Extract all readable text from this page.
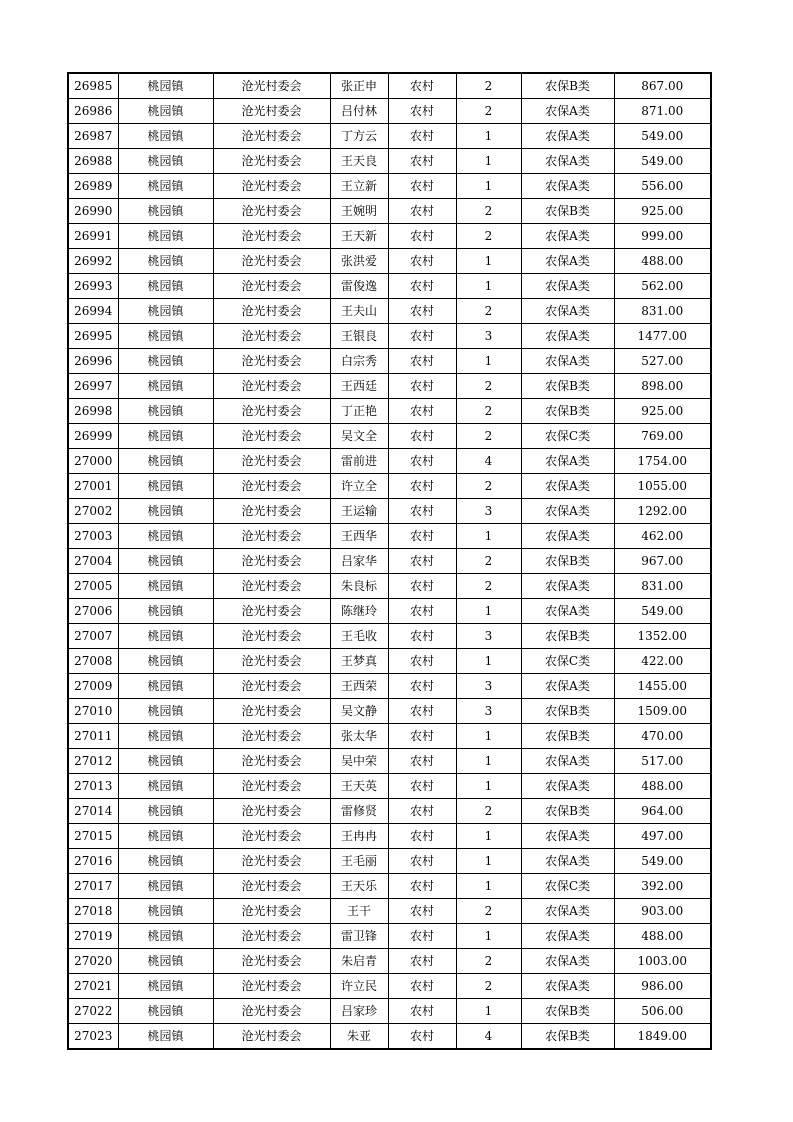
26985	桃园镇	沧光村委会	张正申	农村	2	农保B类	867.00
26986	桃园镇	沧光村委会	吕付林	农村	2	农保A类	871.00
26987	桃园镇	沧光村委会	丁方云	农村	1	农保A类	549.00
26988	桃园镇	沧光村委会	王天良	农村	1	农保A类	549.00
26989	桃园镇	沧光村委会	王立新	农村	1	农保A类	556.00
26990	桃园镇	沧光村委会	王婉明	农村	2	农保B类	925.00
26991	桃园镇	沧光村委会	王天新	农村	2	农保A类	999.00
26992	桃园镇	沧光村委会	张洪爱	农村	1	农保A类	488.00
26993	桃园镇	沧光村委会	雷俊逸	农村	1	农保A类	562.00
26994	桃园镇	沧光村委会	王夫山	农村	2	农保A类	831.00
26995	桃园镇	沧光村委会	王银良	农村	3	农保A类	1477.00
26996	桃园镇	沧光村委会	白宗秀	农村	1	农保A类	527.00
26997	桃园镇	沧光村委会	王西廷	农村	2	农保B类	898.00
26998	桃园镇	沧光村委会	丁正艳	农村	2	农保B类	925.00
26999	桃园镇	沧光村委会	吴文全	农村	2	农保C类	769.00
27000	桃园镇	沧光村委会	雷前进	农村	4	农保A类	1754.00
27001	桃园镇	沧光村委会	许立全	农村	2	农保A类	1055.00
27002	桃园镇	沧光村委会	王运输	农村	3	农保A类	1292.00
27003	桃园镇	沧光村委会	王西华	农村	1	农保A类	462.00
27004	桃园镇	沧光村委会	吕家华	农村	2	农保B类	967.00
27005	桃园镇	沧光村委会	朱良标	农村	2	农保A类	831.00
27006	桃园镇	沧光村委会	陈继玲	农村	1	农保A类	549.00
27007	桃园镇	沧光村委会	王毛收	农村	3	农保B类	1352.00
27008	桃园镇	沧光村委会	王梦真	农村	1	农保C类	422.00
27009	桃园镇	沧光村委会	王西荣	农村	3	农保A类	1455.00
27010	桃园镇	沧光村委会	吴文静	农村	3	农保B类	1509.00
27011	桃园镇	沧光村委会	张太华	农村	1	农保B类	470.00
27012	桃园镇	沧光村委会	吴中荣	农村	1	农保A类	517.00
27013	桃园镇	沧光村委会	王天英	农村	1	农保A类	488.00
27014	桃园镇	沧光村委会	雷修贤	农村	2	农保B类	964.00
27015	桃园镇	沧光村委会	王冉冉	农村	1	农保A类	497.00
27016	桃园镇	沧光村委会	王毛丽	农村	1	农保A类	549.00
27017	桃园镇	沧光村委会	王天乐	农村	1	农保C类	392.00
27018	桃园镇	沧光村委会	王干	农村	2	农保A类	903.00
27019	桃园镇	沧光村委会	雷卫锋	农村	1	农保A类	488.00
27020	桃园镇	沧光村委会	朱启青	农村	2	农保A类	1003.00
27021	桃园镇	沧光村委会	许立民	农村	2	农保A类	986.00
27022	桃园镇	沧光村委会	吕家珍	农村	1	农保B类	506.00
27023	桃园镇	沧光村委会	朱亚	农村	4	农保B类	1849.00
